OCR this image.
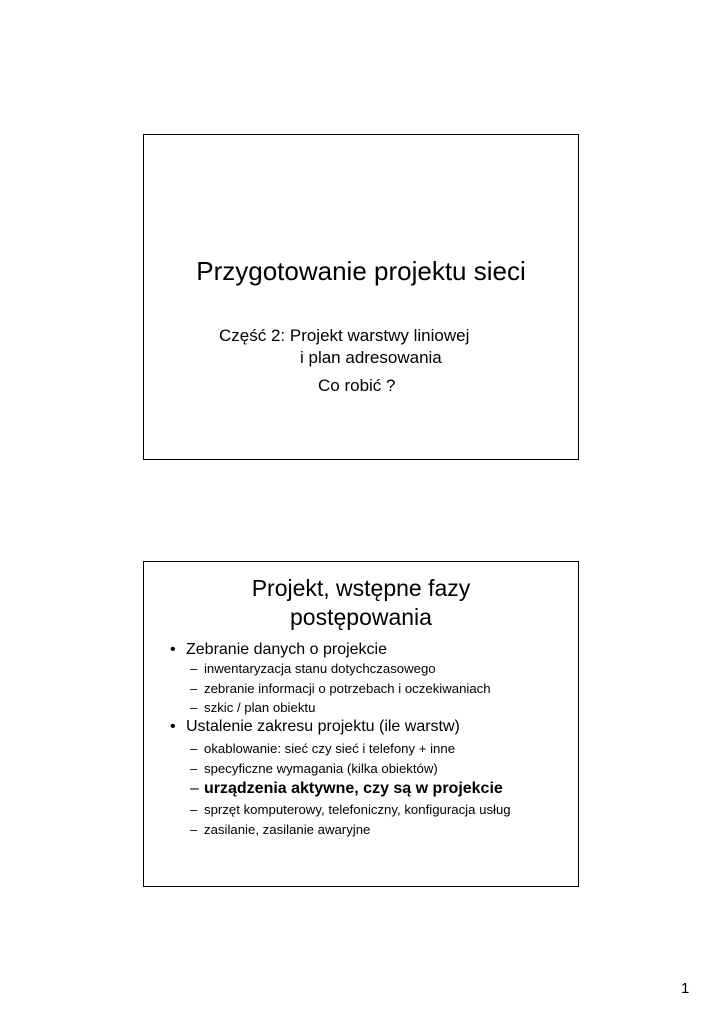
Przygotowanie projektu sieci
Część 2: Projekt warstwy liniowej
i plan adresowania
Co robić ?
Projekt, wstępne fazy
postępowania
• Zebranie danych o projekcie
– inwentaryzacja stanu dotychczasowego
– zebranie informacji o potrzebach i oczekiwaniach
– szkic / plan obiektu
• Ustalenie zakresu projektu (ile warstw)
– okablowanie: sieć czy sieć i telefony + inne
– specyficzne wymagania (kilka obiektów)
– urządzenia aktywne, czy są w projekcie
– sprzęt komputerowy, telefoniczny, konfiguracja usług
– zasilanie, zasilanie awaryjne
1
